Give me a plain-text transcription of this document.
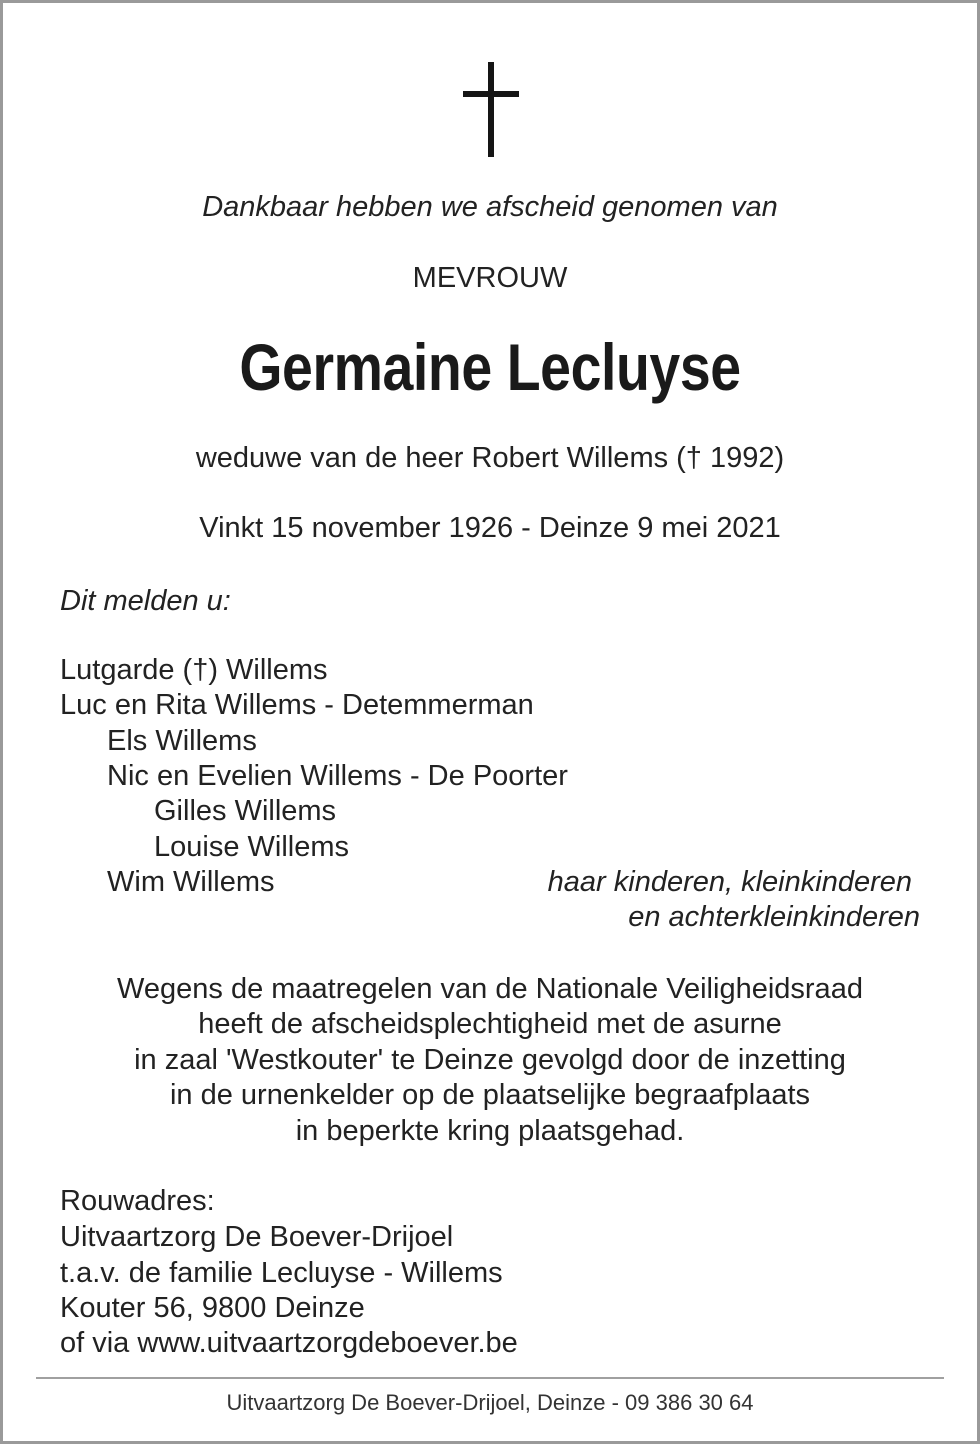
Dankbaar hebben we afscheid genomen van
MEVROUW
Germaine Lecluyse
weduwe van de heer Robert Willems († 1992)
Vinkt 15 november 1926 - Deinze 9 mei 2021
Dit melden u:
Lutgarde (†) Willems
Luc en Rita Willems - Detemmerman
Els Willems
Nic en Evelien Willems - De Poorter
Gilles Willems
Louise Willems
Wim Willems	haar kinderen, kleinkinderen
en achterkleinkinderen
Wegens de maatregelen van de Nationale Veiligheidsraad
heeft de afscheidsplechtigheid met de asurne
in zaal 'Westkouter' te Deinze gevolgd door de inzetting
in de urnenkelder op de plaatselijke begraafplaats
in beperkte kring plaatsgehad.
Rouwadres:
Uitvaartzorg De Boever-Drijoel
t.a.v. de familie Lecluyse - Willems
Kouter 56, 9800 Deinze
of via www.uitvaartzorgdeboever.be
Uitvaartzorg De Boever-Drijoel, Deinze - 09 386 30 64
